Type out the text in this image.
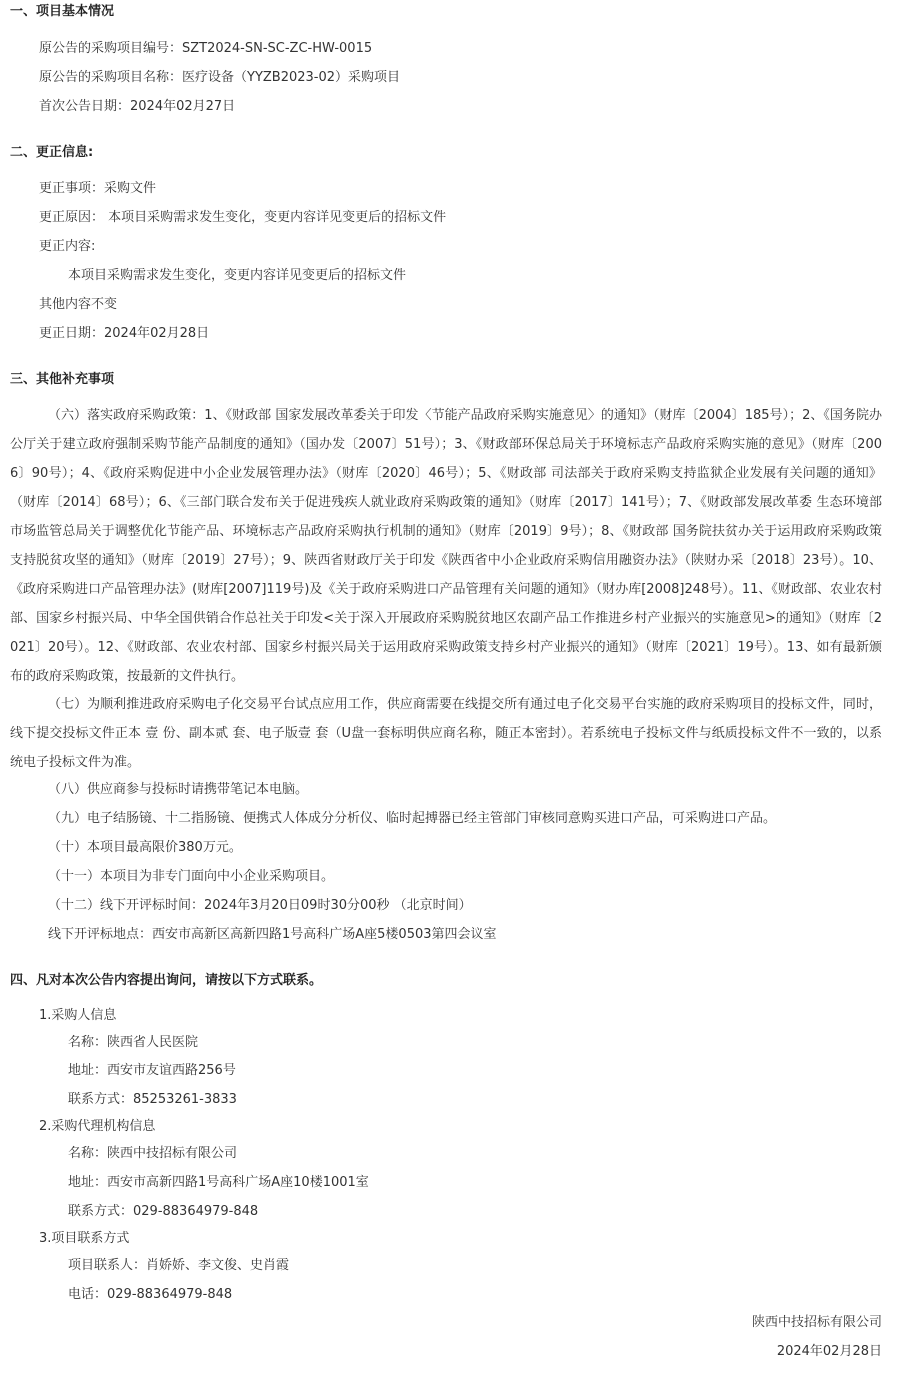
一、项目基本情况

原公告的采购项目编号：SZT2024-SN-SC-ZC-HW-0015

原公告的采购项目名称：医疗设备（YYZB2023-02）采购项目

首次公告日期：2024年02月27日

二、更正信息:

更正事项：采购文件

更正原因： 本项目采购需求发生变化，变更内容详见变更后的招标文件

更正内容:

本项目采购需求发生变化，变更内容详见变更后的招标文件

其他内容不变

更正日期：2024年02月28日

三、其他补充事项

（六）落实政府采购政策：1、《财政部 国家发展改革委关于印发〈节能产品政府采购实施意见〉的通知》（财库〔2004〕185号）；2、《国务院办公厅关于建立政府强制采购节能产品制度的通知》（国办发〔2007〕51号）；3、《财政部环保总局关于环境标志产品政府采购实施的意见》（财库〔2006〕90号）；4、《政府采购促进中小企业发展管理办法》（财库〔2020〕46号）；5、《财政部 司法部关于政府采购支持监狱企业发展有关问题的通知》（财库〔2014〕68号）；6、《三部门联合发布关于促进残疾人就业政府采购政策的通知》（财库〔2017〕141号）；7、《财政部发展改革委 生态环境部 市场监管总局关于调整优化节能产品、环境标志产品政府采购执行机制的通知》（财库〔2019〕9号）；8、《财政部 国务院扶贫办关于运用政府采购政策支持脱贫攻坚的通知》（财库〔2019〕27号）；9、陕西省财政厅关于印发《陕西省中小企业政府采购信用融资办法》（陕财办采〔2018〕23号）。10、《政府采购进口产品管理办法》(财库[2007]119号)及《关于政府采购进口产品管理有关问题的通知》（财办库[2008]248号）。11、《财政部、农业农村部、国家乡村振兴局、中华全国供销合作总社关于印发<关于深入开展政府采购脱贫地区农副产品工作推进乡村产业振兴的实施意见>的通知》（财库〔2021〕20号）。12、《财政部、农业农村部、国家乡村振兴局关于运用政府采购政策支持乡村产业振兴的通知》（财库〔2021〕19号）。13、如有最新颁布的政府采购政策，按最新的文件执行。

（七）为顺利推进政府采购电子化交易平台试点应用工作，供应商需要在线提交所有通过电子化交易平台实施的政府采购项目的投标文件，同时，线下提交投标文件正本 壹 份、副本贰 套、电子版壹 套（U盘一套标明供应商名称，随正本密封）。若系统电子投标文件与纸质投标文件不一致的，以系统电子投标文件为准。

（八）供应商参与投标时请携带笔记本电脑。

（九）电子结肠镜、十二指肠镜、便携式人体成分分析仪、临时起搏器已经主管部门审核同意购买进口产品，可采购进口产品。

（十）本项目最高限价380万元。

（十一）本项目为非专门面向中小企业采购项目。

（十二）线下开评标时间：2024年3月20日09时30分00秒 （北京时间）

线下开评标地点：西安市高新区高新四路1号高科广场A座5楼0503第四会议室

四、凡对本次公告内容提出询问，请按以下方式联系。

1.采购人信息

名称：陕西省人民医院

地址：西安市友谊西路256号

联系方式：85253261-3833

2.采购代理机构信息

名称：陕西中技招标有限公司

地址：西安市高新四路1号高科广场A座10楼1001室

联系方式：029-88364979-848

3.项目联系方式

项目联系人：肖娇娇、李文俊、史肖霞

电话：029-88364979-848

陕西中技招标有限公司

2024年02月28日
